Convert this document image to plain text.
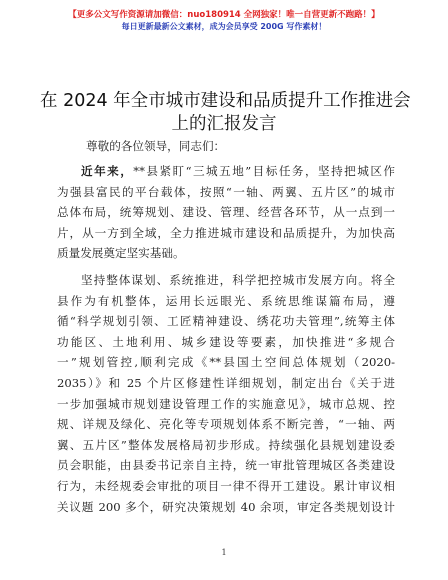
【更多公文写作资源请加微信：nuo180914 全网独家！唯一自营更新不跑路！】
每日更新最新公文素材，成为会员享受 200G 写作素材！
在 2024 年全市城市建设和品质提升工作推进会
上的汇报发言
尊敬的各位领导，同志们：
近年来，**县紧盯“三城五地”目标任务，坚持把城区作
为强县富民的平台载体，按照“一轴、两翼、五片区”的城市
总体布局，统筹规划、建设、管理、经营各环节，从一点到一
片，从一方到全域，全力推进城市建设和品质提升，为加快高
质量发展奠定坚实基础。
坚持整体谋划、系统推进，科学把控城市发展方向。将全
县作为有机整体，运用长远眼光、系统思维谋篇布局，遵
循“科学规划引领、工匠精神建设、绣花功夫管理”,统筹主体
功能区、土地利用、城乡建设等要素，加快推进“多规合
一”规划管控,顺利完成《**县国土空间总体规划（2020-
2035）》和 25 个片区修建性详细规划，制定出台《关于进
一步加强城市规划建设管理工作的实施意见》，城市总规、控
规、详规及绿化、亮化等专项规划体系不断完善，“一轴、两
翼、五片区”整体发展格局初步形成。持续强化县规划建设委
员会职能，由县委书记亲自主持，统一审批管理城区各类建设
行为，未经规委会审批的项目一律不得开工建设。累计审议相
关议题 200 多个，研究决策规划 40 余项，审定各类规划设计
1
